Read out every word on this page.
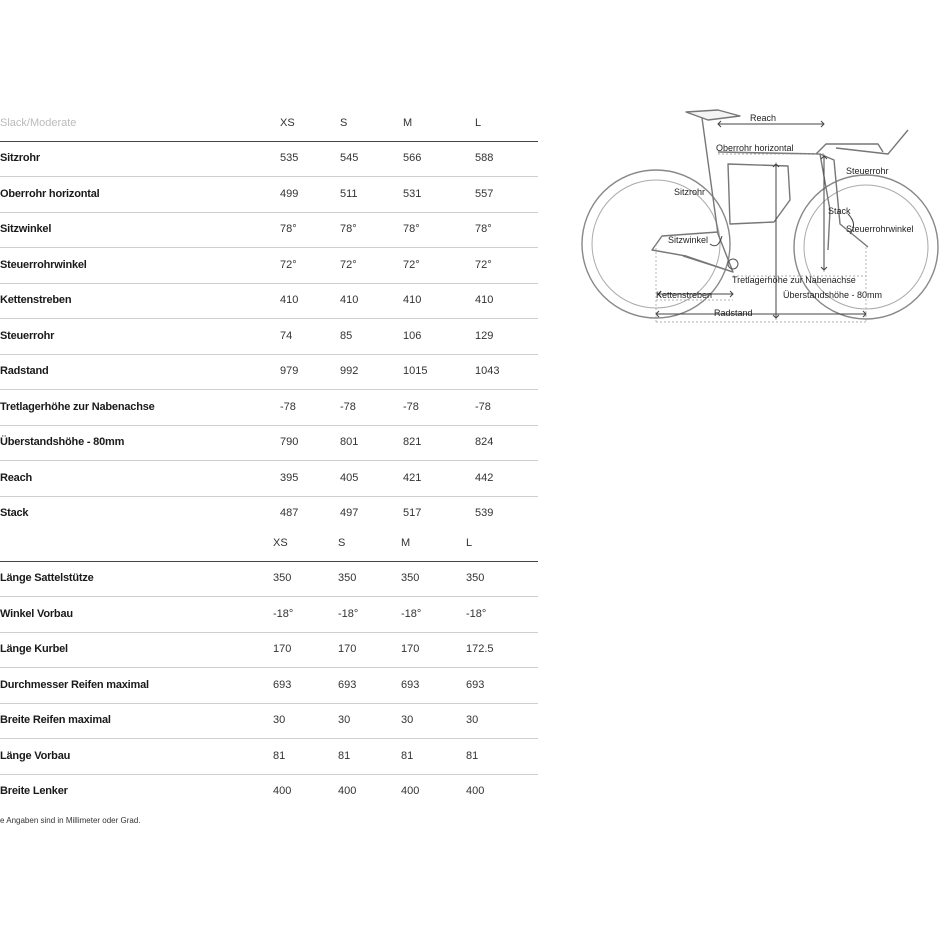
Slack/Moderate	XS	S	M	L
Sitzrohr	535	545	566	588
Oberrohr horizontal	499	511	531	557
Sitzwinkel	78°	78°	78°	78°
Steuerrohrwinkel	72°	72°	72°	72°
Kettenstreben	410	410	410	410
Steuerrohr	74	85	106	129
Radstand	979	992	1015	1043
Tretlagerhöhe zur Nabenachse	-78	-78	-78	-78
Überstandshöhe - 80mm	790	801	821	824
Reach	395	405	421	442
Stack	487	497	517	539
	XS	S	M	L
Länge Sattelstütze	350	350	350	350
Winkel Vorbau	-18°	-18°	-18°	-18°
Länge Kurbel	170	170	170	172.5
Durchmesser Reifen maximal	693	693	693	693
Breite Reifen maximal	30	30	30	30
Länge Vorbau	81	81	81	81
Breite Lenker	400	400	400	400
e Angaben sind in Millimeter oder Grad.
Reach
Oberrohr horizontal
Sitzrohr
Steuerrohr
Stack
Steuerrohrwinkel
Sitzwinkel
Tretlagerhöhe zur Nabenachse
Kettenstreben	Überstandshöhe - 80mm
Radstand
